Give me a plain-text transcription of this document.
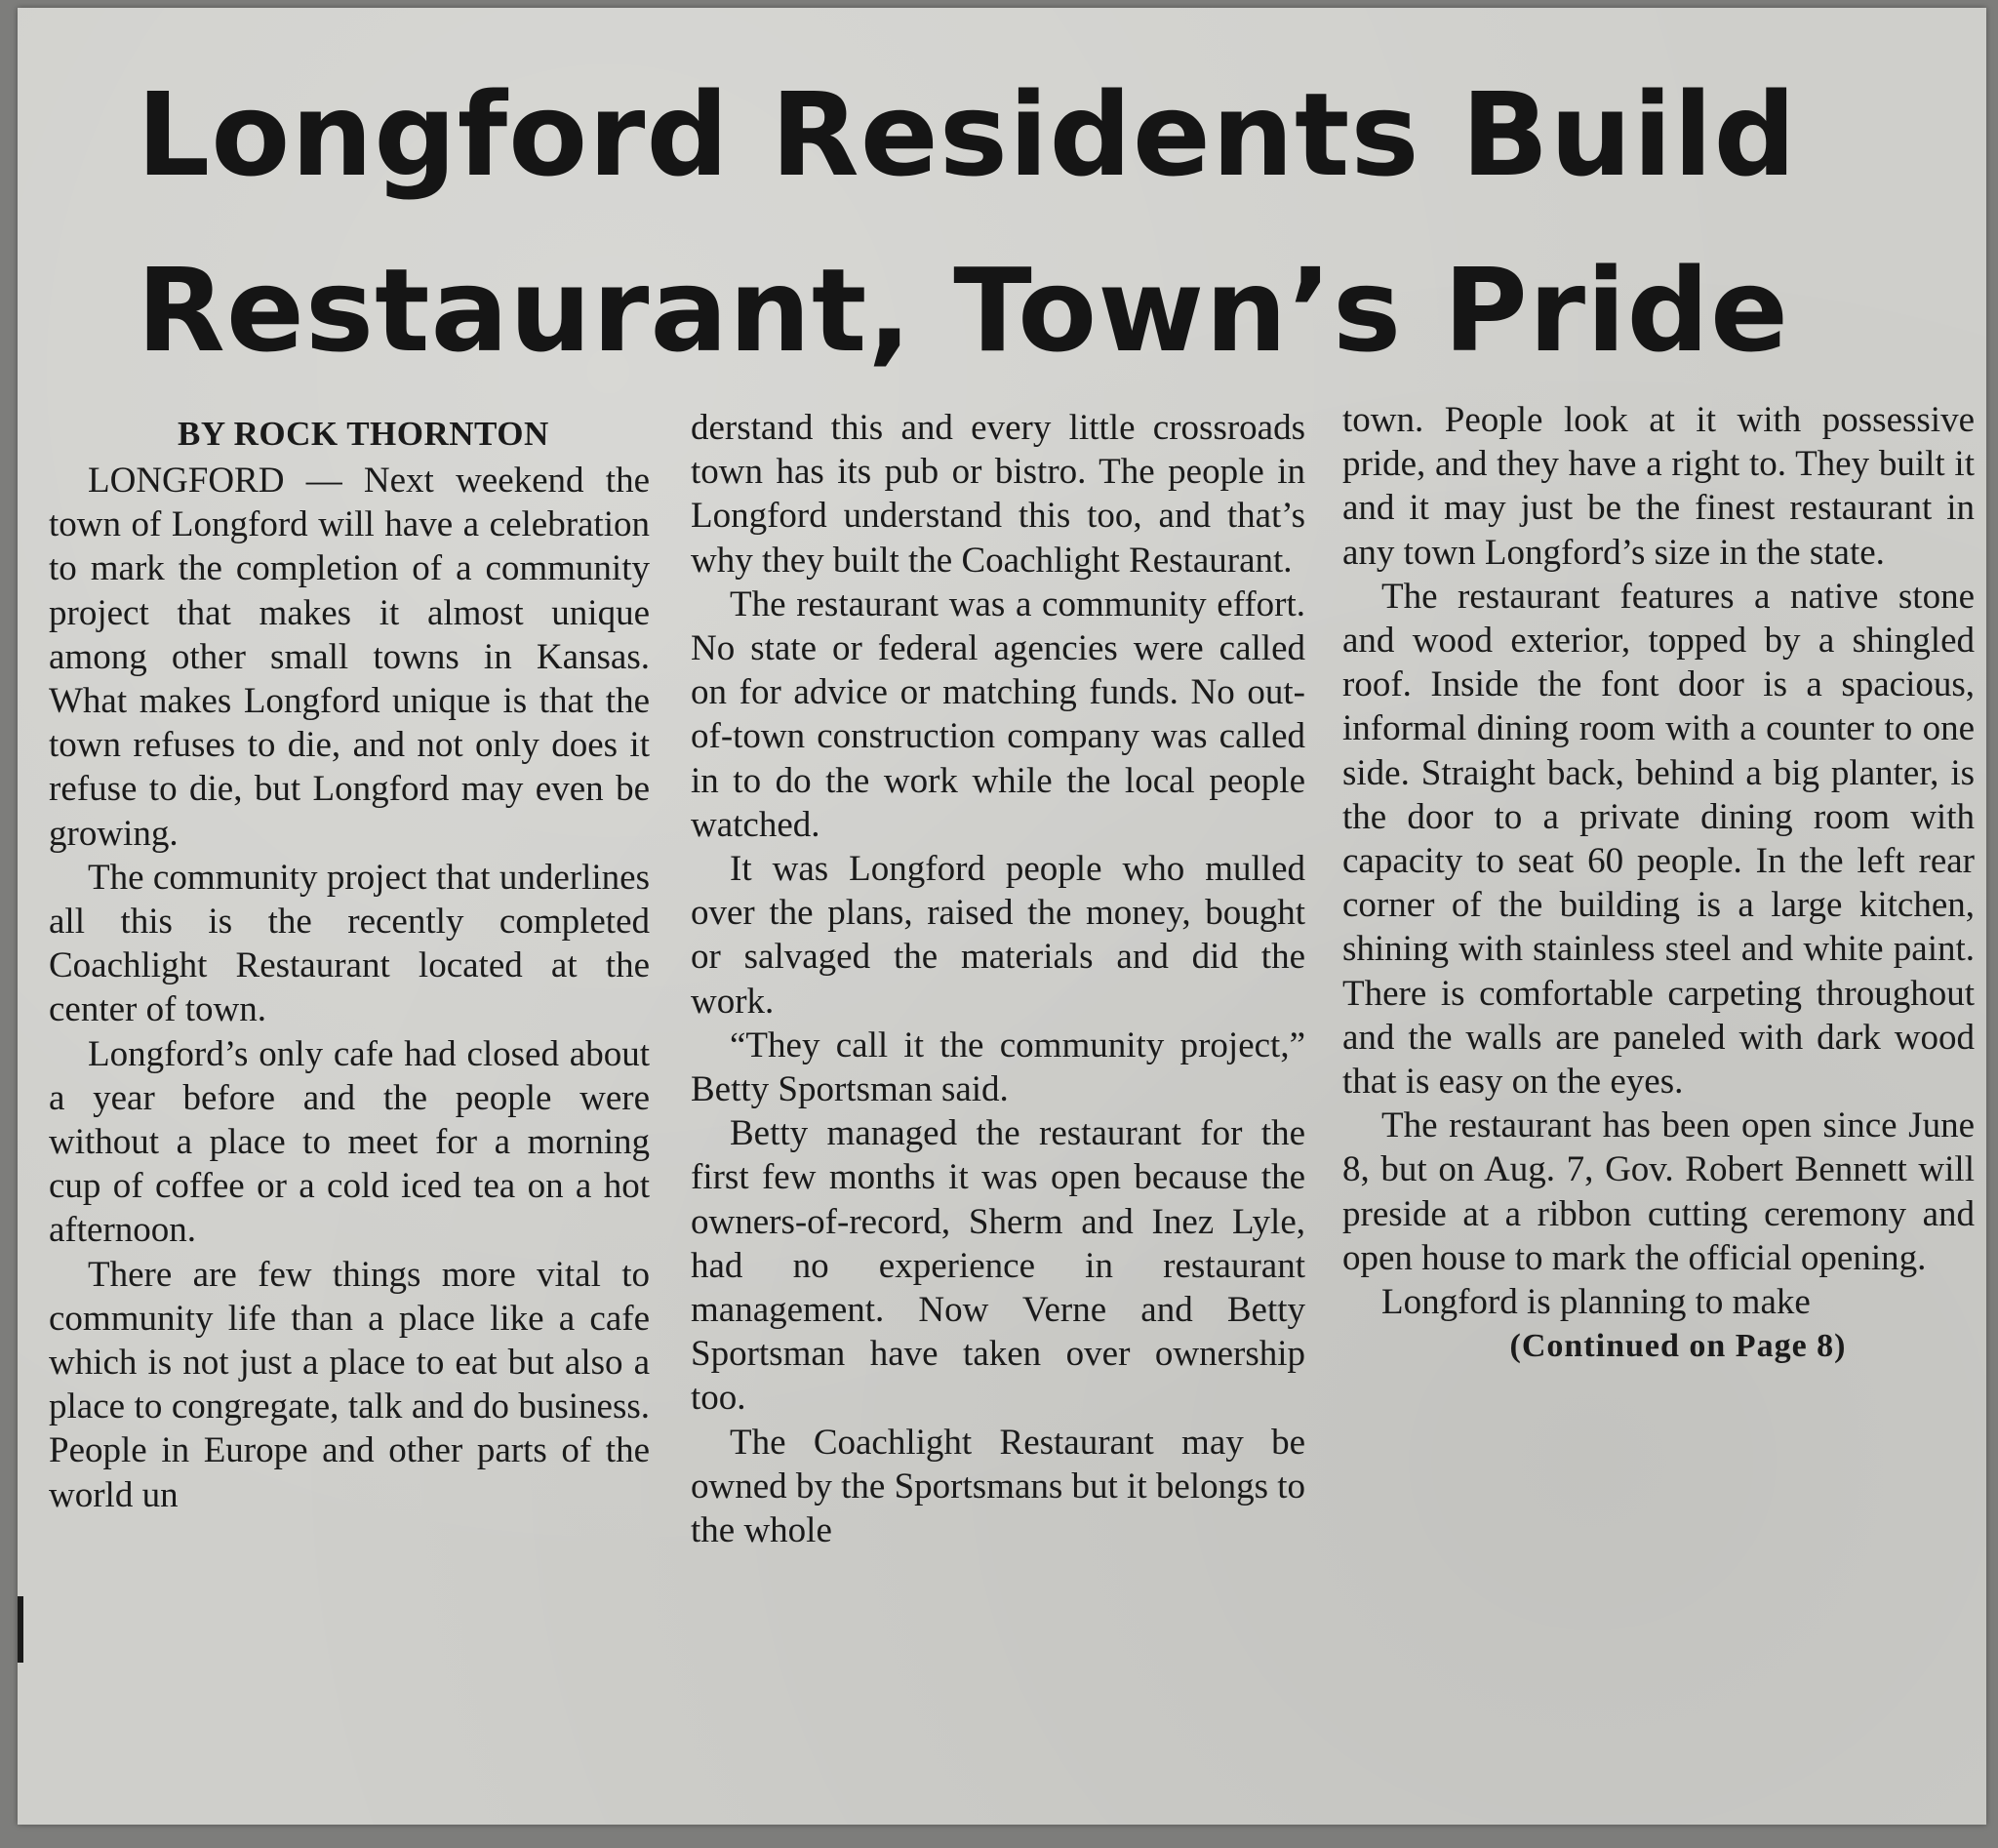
Longford Residents Build
Restaurant, Town’s Pride

BY ROCK THORNTON

LONGFORD — Next weekend the town of Longford will have a celebration to mark the completion of a community project that makes it almost unique among other small towns in Kansas. What makes Longford unique is that the town refuses to die, and not only does it refuse to die, but Longford may even be growing.

The community project that underlines all this is the recently completed Coachlight Restaurant located at the center of town.

Longford’s only cafe had closed about a year before and the people were without a place to meet for a morning cup of coffee or a cold iced tea on a hot afternoon.

There are few things more vital to community life than a place like a cafe which is not just a place to eat but also a place to congregate, talk and do business. People in Europe and other parts of the world un

derstand this and every little crossroads town has its pub or bistro. The people in Longford understand this too, and that’s why they built the Coachlight Restaurant.

The restaurant was a community effort. No state or federal agencies were called on for advice or matching funds. No out-of-town construction company was called in to do the work while the local people watched.

It was Longford people who mulled over the plans, raised the money, bought or salvaged the materials and did the work.

“They call it the community project,” Betty Sportsman said.

Betty managed the restaurant for the first few months it was open because the owners-of-record, Sherm and Inez Lyle, had no experience in restaurant management. Now Verne and Betty Sportsman have taken over ownership too.

The Coachlight Restaurant may be owned by the Sportsmans but it belongs to the whole

town. People look at it with possessive pride, and they have a right to. They built it and it may just be the finest restaurant in any town Longford’s size in the state.

The restaurant features a native stone and wood exterior, topped by a shingled roof. Inside the font door is a spacious, informal dining room with a counter to one side. Straight back, behind a big planter, is the door to a private dining room with capacity to seat 60 people. In the left rear corner of the building is a large kitchen, shining with stainless steel and white paint. There is comfortable carpeting throughout and the walls are paneled with dark wood that is easy on the eyes.

The restaurant has been open since June 8, but on Aug. 7, Gov. Robert Bennett will preside at a ribbon cutting ceremony and open house to mark the official opening.

Longford is planning to make

(Continued on Page 8)
